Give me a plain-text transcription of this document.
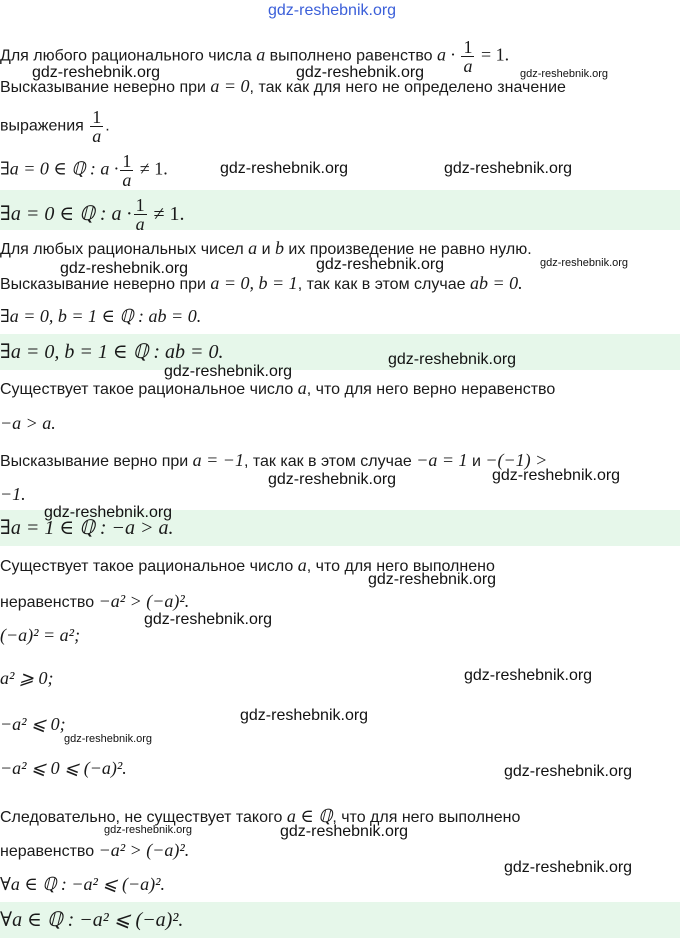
Для любого рационального числа a выполнено равенство $a \cdot \frac{1}{a} = 1$.
Высказывание неверно при a = 0, так как для него не определено значение
выражения $\frac{1}{a}$ .
∃a = 0 ∈ ℚ : $a \cdot \frac{1}{a} \ne 1$.
∃a = 0 ∈ ℚ : $a \cdot \frac{1}{a} \ne 1$.
Для любых рациональных чисел a и b их произведение не равно нулю.
Высказывание неверно при a = 0, b = 1, так как в этом случае ab = 0.
∃a = 0, b = 1 ∈ ℚ : ab = 0.
∃a = 0, b = 1 ∈ ℚ : ab = 0.
Существует такое рациональное число a, что для него верно неравенство
−a > a.
Высказывание верно при a = −1, так как в этом случае −a = 1 и −(−1) >
−1.
∃a = 1 ∈ ℚ : −a > a.
Существует такое рациональное число a, что для него выполнено
неравенство −a² > (−a)².
(−a)² = a²;
a² ⩾ 0;
−a² ⩽ 0;
−a² ⩽ 0 ⩽ (−a)².
Следовательно, не существует такого a ∈ ℚ, что для него выполнено
неравенство −a² > (−a)².
∀a ∈ ℚ : −a² ⩽ (−a)².
∀a ∈ ℚ : −a² ⩽ (−a)².
gdz-reshebnik.org
gdz-reshebnik.org	gdz-reshebnik.org	gdz-reshebnik.org
gdz-reshebnik.org	gdz-reshebnik.org
gdz-reshebnik.org	gdz-reshebnik.org	gdz-reshebnik.org
gdz-reshebnik.org
gdz-reshebnik.org
gdz-reshebnik.org	gdz-reshebnik.org
gdz-reshebnik.org
gdz-reshebnik.org
gdz-reshebnik.org
gdz-reshebnik.org
gdz-reshebnik.org
gdz-reshebnik.org
gdz-reshebnik.org
gdz-reshebnik.org	gdz-reshebnik.org
gdz-reshebnik.org
